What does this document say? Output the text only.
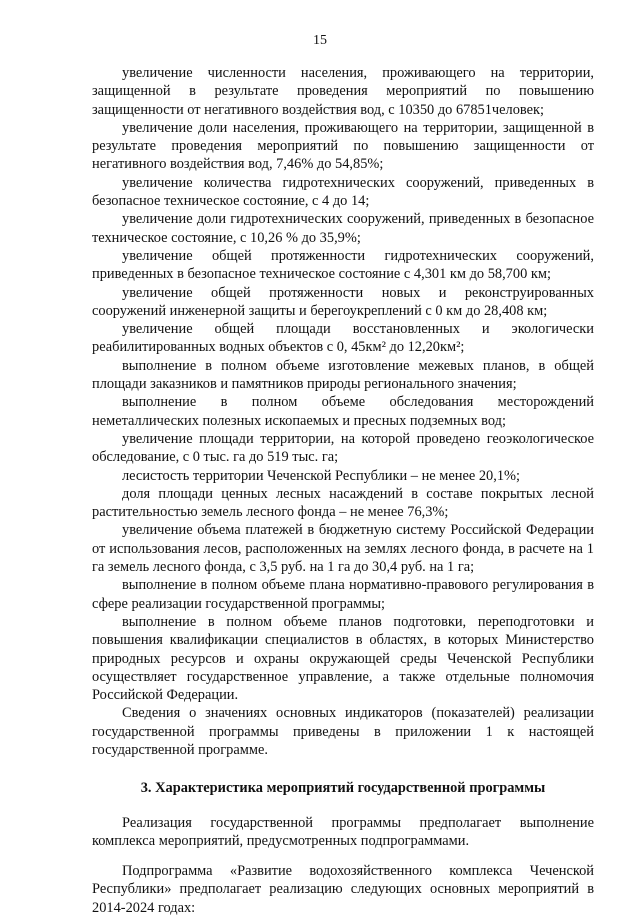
15

увеличение численности населения, проживающего на территории, защищенной в результате проведения мероприятий по повышению защищенности от негативного воздействия вод, с 10350 до 67851человек;

увеличение доли населения, проживающего на территории, защищенной в результате проведения мероприятий по повышению защищенности от негативного воздействия вод, 7,46% до 54,85%;

увеличение количества гидротехнических сооружений, приведенных в безопасное техническое состояние, с 4 до 14;

увеличение доли гидротехнических сооружений, приведенных в безопасное техническое состояние, с 10,26 % до 35,9%;

увеличение общей протяженности гидротехнических сооружений, приведенных в безопасное техническое состояние с 4,301 км до 58,700 км;

увеличение общей протяженности новых и реконструированных сооружений инженерной защиты и берегоукреплений с 0 км до 28,408 км;

увеличение общей площади восстановленных и экологически реабилитированных водных объектов с 0, 45км² до 12,20км²;

выполнение в полном объеме изготовление межевых планов, в общей площади заказников и памятников природы регионального значения;

выполнение в полном объеме обследования месторождений неметаллических полезных ископаемых и пресных подземных вод;

увеличение площади территории, на которой проведено геоэкологическое обследование, с 0 тыс. га до 519 тыс. га;

лесистость территории Чеченской Республики – не менее 20,1%;

доля площади ценных лесных насаждений в составе покрытых лесной растительностью земель лесного фонда – не менее 76,3%;

увеличение объема платежей в бюджетную систему Российской Федерации от использования лесов, расположенных на землях лесного фонда, в расчете на 1 га земель лесного фонда, с 3,5 руб. на 1 га до 30,4 руб. на 1 га;

выполнение в полном объеме плана нормативно-правового регулирования в сфере реализации государственной программы;

выполнение в полном объеме планов подготовки, переподготовки и повышения квалификации специалистов в областях, в которых Министерство природных ресурсов и охраны окружающей среды Чеченской Республики осуществляет государственное управление, а также отдельные полномочия Российской Федерации.

Сведения о значениях основных индикаторов (показателей) реализации государственной программы приведены в приложении 1 к настоящей государственной программе.

3. Характеристика мероприятий государственной программы

Реализация государственной программы предполагает выполнение комплекса мероприятий, предусмотренных подпрограммами.

Подпрограмма «Развитие водохозяйственного комплекса Чеченской Республики» предполагает реализацию следующих основных мероприятий в 2014-2024 годах:
